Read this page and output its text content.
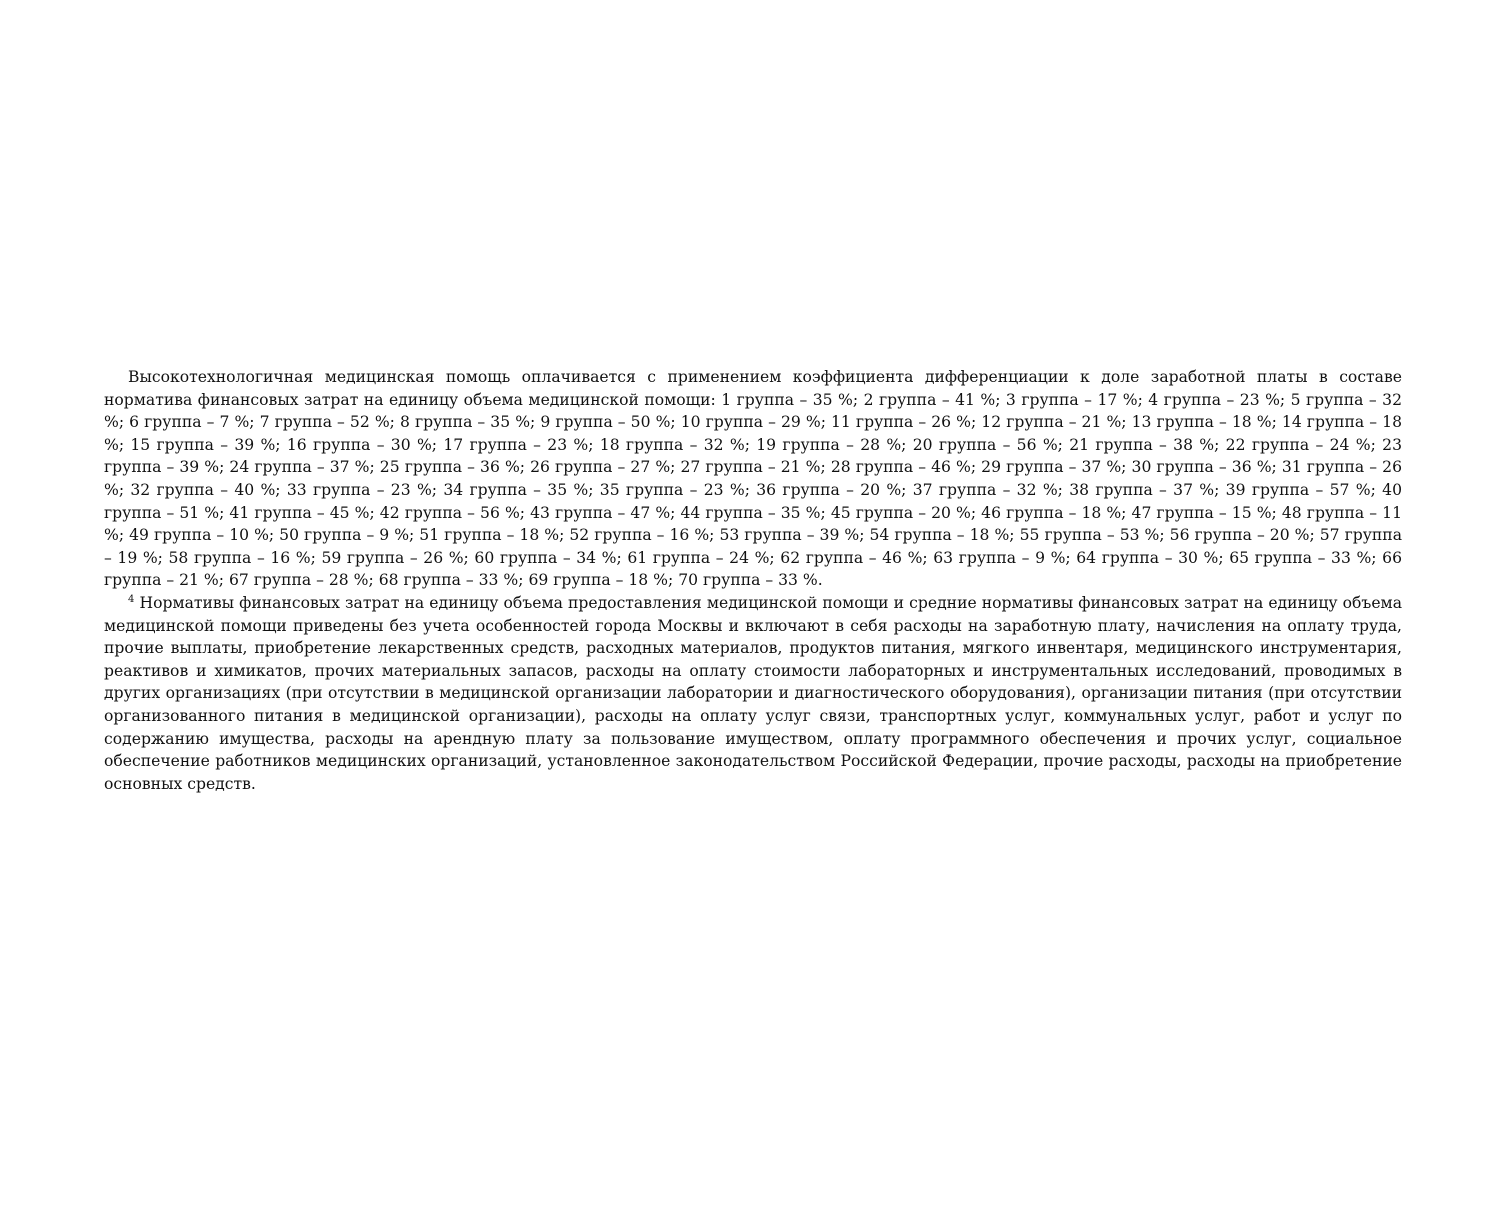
Высокотехнологичная медицинская помощь оплачивается с применением коэффициента дифференциации к доле заработной платы в составе норматива финансовых затрат на единицу объема медицинской помощи: 1 группа – 35 %; 2 группа – 41 %; 3 группа – 17 %; 4 группа – 23 %; 5 группа – 32 %; 6 группа – 7 %; 7 группа – 52 %; 8 группа – 35 %; 9 группа – 50 %; 10 группа – 29 %; 11 группа – 26 %; 12 группа – 21 %; 13 группа – 18 %; 14 группа – 18 %; 15 группа – 39 %; 16 группа – 30 %; 17 группа – 23 %; 18 группа – 32 %; 19 группа – 28 %; 20 группа – 56 %; 21 группа – 38 %; 22 группа – 24 %; 23 группа – 39 %; 24 группа – 37 %; 25 группа – 36 %; 26 группа – 27 %; 27 группа – 21 %; 28 группа – 46 %; 29 группа – 37 %; 30 группа – 36 %; 31 группа – 26 %; 32 группа – 40 %; 33 группа – 23 %; 34 группа – 35 %; 35 группа – 23 %; 36 группа – 20 %; 37 группа – 32 %; 38 группа – 37 %; 39 группа – 57 %; 40 группа – 51 %; 41 группа – 45 %; 42 группа – 56 %; 43 группа – 47 %; 44 группа – 35 %; 45 группа – 20 %; 46 группа – 18 %; 47 группа – 15 %; 48 группа – 11 %; 49 группа – 10 %; 50 группа – 9 %; 51 группа – 18 %; 52 группа – 16 %; 53 группа – 39 %; 54 группа – 18 %; 55 группа – 53 %; 56 группа – 20 %; 57 группа – 19 %; 58 группа – 16 %; 59 группа – 26 %; 60 группа – 34 %; 61 группа – 24 %; 62 группа – 46 %; 63 группа – 9 %; 64 группа – 30 %; 65 группа – 33 %; 66 группа – 21 %; 67 группа – 28 %; 68 группа – 33 %; 69 группа – 18 %; 70 группа – 33 %.

$^4$ Нормативы финансовых затрат на единицу объема предоставления медицинской помощи и средние нормативы финансовых затрат на единицу объема медицинской помощи приведены без учета особенностей города Москвы и включают в себя расходы на заработную плату, начисления на оплату труда, прочие выплаты, приобретение лекарственных средств, расходных материалов, продуктов питания, мягкого инвентаря, медицинского инструментария, реактивов и химикатов, прочих материальных запасов, расходы на оплату стоимости лабораторных и инструментальных исследований, проводимых в других организациях (при отсутствии в медицинской организации лаборатории и диагностического оборудования), организации питания (при отсутствии организованного питания в медицинской организации), расходы на оплату услуг связи, транспортных услуг, коммунальных услуг, работ и услуг по содержанию имущества, расходы на арендную плату за пользование имуществом, оплату программного обеспечения и прочих услуг, социальное обеспечение работников медицинских организаций, установленное законодательством Российской Федерации, прочие расходы, расходы на приобретение основных средств.
